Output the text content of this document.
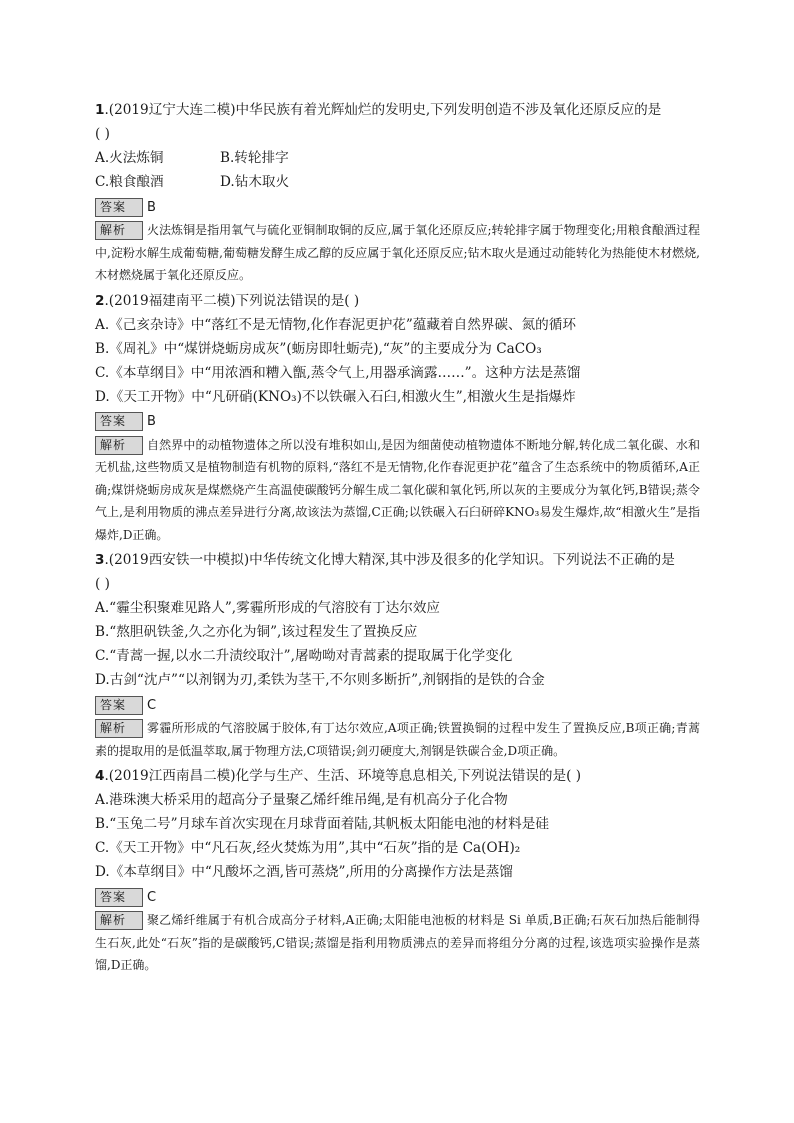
1.(2019辽宁大连二模)中华民族有着光辉灿烂的发明史,下列发明创造不涉及氧化还原反应的是

( )

A.火法炼铜	B.转轮排字

C.粮食酿酒	D.钻木取火

答案	B

解析	火法炼铜是指用氧气与硫化亚铜制取铜的反应,属于氧化还原反应;转轮排字属于物理变化;用粮食酿酒过程中,淀粉水解生成葡萄糖,葡萄糖发酵生成乙醇的反应属于氧化还原反应;钻木取火是通过动能转化为热能使木材燃烧,木材燃烧属于氧化还原反应。

2.(2019福建南平二模)下列说法错误的是( )

A.《己亥杂诗》中“落红不是无情物,化作春泥更护花”蕴藏着自然界碳、氮的循环

B.《周礼》中“煤饼烧蛎房成灰”(蛎房即牡蛎壳),“灰”的主要成分为 CaCO₃

C.《本草纲目》中“用浓酒和糟入甑,蒸令气上,用器承滴露……”。这种方法是蒸馏

D.《天工开物》中“凡研硝(KNO₃)不以铁碾入石臼,相激火生”,相激火生是指爆炸

答案	B

解析	自然界中的动植物遗体之所以没有堆积如山,是因为细菌使动植物遗体不断地分解,转化成二氧化碳、水和无机盐,这些物质又是植物制造有机物的原料,“落红不是无情物,化作春泥更护花”蕴含了生态系统中的物质循环,A正确;煤饼烧蛎房成灰是煤燃烧产生高温使碳酸钙分解生成二氧化碳和氧化钙,所以灰的主要成分为氧化钙,B错误;蒸令气上,是利用物质的沸点差异进行分离,故该法为蒸馏,C正确;以铁碾入石臼研碎KNO₃易发生爆炸,故“相激火生”是指爆炸,D正确。

3.(2019西安铁一中模拟)中华传统文化博大精深,其中涉及很多的化学知识。下列说法不正确的是

( )

A.“霾尘积聚难见路人”,雾霾所形成的气溶胶有丁达尔效应

B.“熬胆矾铁釜,久之亦化为铜”,该过程发生了置换反应

C.“青蒿一握,以水二升渍绞取汁”,屠呦呦对青蒿素的提取属于化学变化

D.古剑“沈卢”“以剂钢为刃,柔铁为茎干,不尔则多断折”,剂钢指的是铁的合金

答案	C

解析	雾霾所形成的气溶胶属于胶体,有丁达尔效应,A项正确;铁置换铜的过程中发生了置换反应,B项正确;青蒿素的提取用的是低温萃取,属于物理方法,C项错误;剑刃硬度大,剂钢是铁碳合金,D项正确。

4.(2019江西南昌二模)化学与生产、生活、环境等息息相关,下列说法错误的是( )

A.港珠澳大桥采用的超高分子量聚乙烯纤维吊绳,是有机高分子化合物

B.“玉兔二号”月球车首次实现在月球背面着陆,其帆板太阳能电池的材料是硅

C.《天工开物》中“凡石灰,经火焚炼为用”,其中“石灰”指的是 Ca(OH)₂

D.《本草纲目》中“凡酸坏之酒,皆可蒸烧”,所用的分离操作方法是蒸馏

答案	C

解析	聚乙烯纤维属于有机合成高分子材料,A正确;太阳能电池板的材料是 Si 单质,B正确;石灰石加热后能制得生石灰,此处“石灰”指的是碳酸钙,C错误;蒸馏是指利用物质沸点的差异而将组分分离的过程,该选项实验操作是蒸馏,D正确。
